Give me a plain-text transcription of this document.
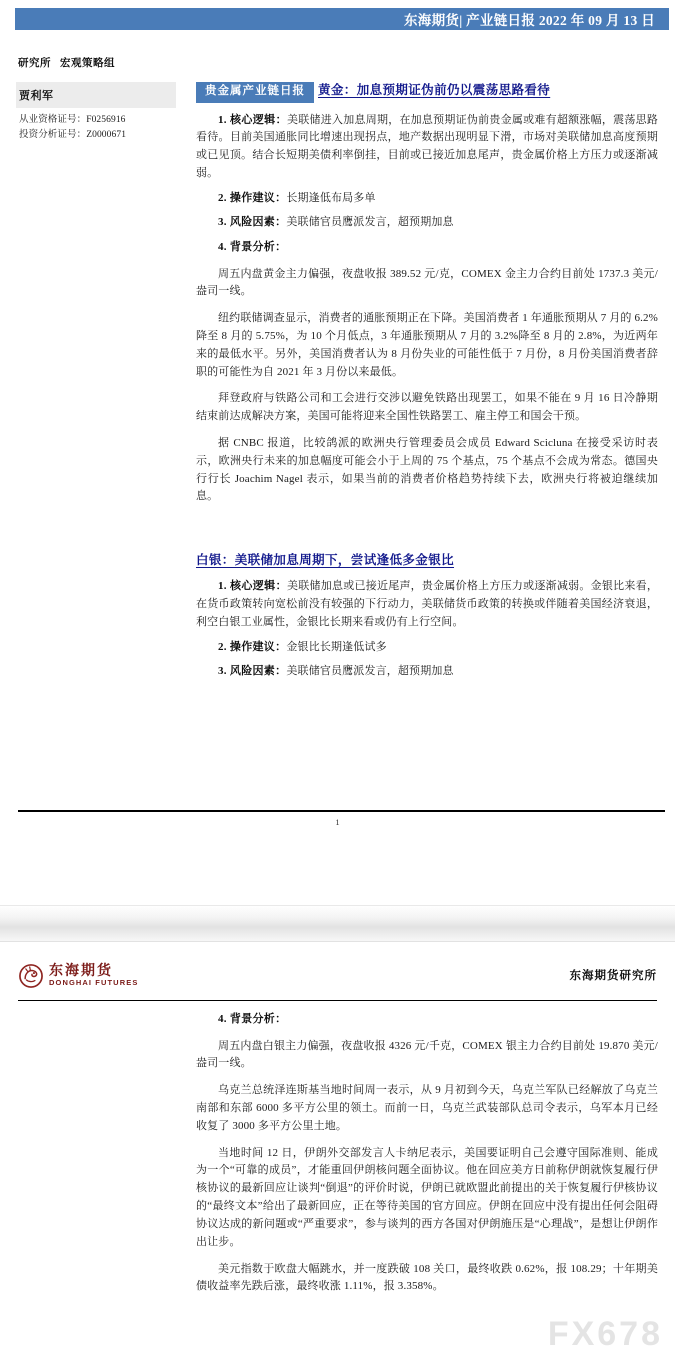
东海期货| 产业链日报 2022 年 09 月 13 日
研究所 宏观策略组
贾利军
从业资格证号：F0256916
投资分析证号：Z0000671
贵金属产业链日报 黄金：加息预期证伪前仍以震荡思路看待

1. 核心逻辑：美联储进入加息周期，在加息预期证伪前贵金属或难有超额涨幅，震荡思路看待。目前美国通胀同比增速出现拐点，地产数据出现明显下滑，市场对美联储加息高度预期或已见顶。结合长短期美债利率倒挂，目前或已接近加息尾声，贵金属价格上方压力或逐渐减弱。

2. 操作建议：长期逢低布局多单

3. 风险因素：美联储官员鹰派发言，超预期加息

4. 背景分析：

周五内盘黄金主力偏强，夜盘收报 389.52 元/克，COMEX 金主力合约目前处 1737.3 美元/盎司一线。

纽约联储调查显示，消费者的通胀预期正在下降。美国消费者 1 年通胀预期从 7 月的 6.2%降至 8 月的 5.75%，为 10 个月低点，3 年通胀预期从 7 月的 3.2%降至 8 月的 2.8%，为近两年来的最低水平。另外，美国消费者认为 8 月份失业的可能性低于 7 月份，8 月份美国消费者辞职的可能性为自 2021 年 3 月份以来最低。

拜登政府与铁路公司和工会进行交涉以避免铁路出现罢工，如果不能在 9 月 16 日冷静期结束前达成解决方案，美国可能将迎来全国性铁路罢工、雇主停工和国会干预。

据 CNBC 报道，比较鸽派的欧洲央行管理委员会成员 Edward Scicluna 在接受采访时表示，欧洲央行未来的加息幅度可能会小于上周的 75 个基点，75 个基点不会成为常态。德国央行行长 Joachim Nagel 表示，如果当前的消费者价格趋势持续下去，欧洲央行将被迫继续加息。

白银：美联储加息周期下，尝试逢低多金银比

1. 核心逻辑：美联储加息或已接近尾声，贵金属价格上方压力或逐渐减弱。金银比来看，在货币政策转向宽松前没有较强的下行动力，美联储货币政策的转换或伴随着美国经济衰退，利空白银工业属性，金银比长期来看或仍有上行空间。

2. 操作建议：金银比长期逢低试多

3. 风险因素：美联储官员鹰派发言，超预期加息

1
东海期货
DONGHAI FUTURES
东海期货研究所

4. 背景分析：

周五内盘白银主力偏强，夜盘收报 4326 元/千克，COMEX 银主力合约目前处 19.870 美元/盎司一线。

乌克兰总统泽连斯基当地时间周一表示，从 9 月初到今天，乌克兰军队已经解放了乌克兰南部和东部 6000 多平方公里的领土。而前一日，乌克兰武装部队总司令表示，乌军本月已经收复了 3000 多平方公里土地。

当地时间 12 日，伊朗外交部发言人卡纳尼表示，美国要证明自己会遵守国际准则、能成为一个“可靠的成员”，才能重回伊朗核问题全面协议。他在回应美方日前称伊朗就恢复履行伊核协议的最新回应让谈判“倒退”的评价时说，伊朗已就欧盟此前提出的关于恢复履行伊核协议的“最终文本”给出了最新回应，正在等待美国的官方回应。伊朗在回应中没有提出任何会阻碍协议达成的新问题或“严重要求”，参与谈判的西方各国对伊朗施压是“心理战”，是想让伊朗作出让步。

美元指数于欧盘大幅跳水，并一度跌破 108 关口，最终收跌 0.62%，报 108.29；十年期美债收益率先跌后涨，最终收涨 1.11%，报 3.358%。

FX678
